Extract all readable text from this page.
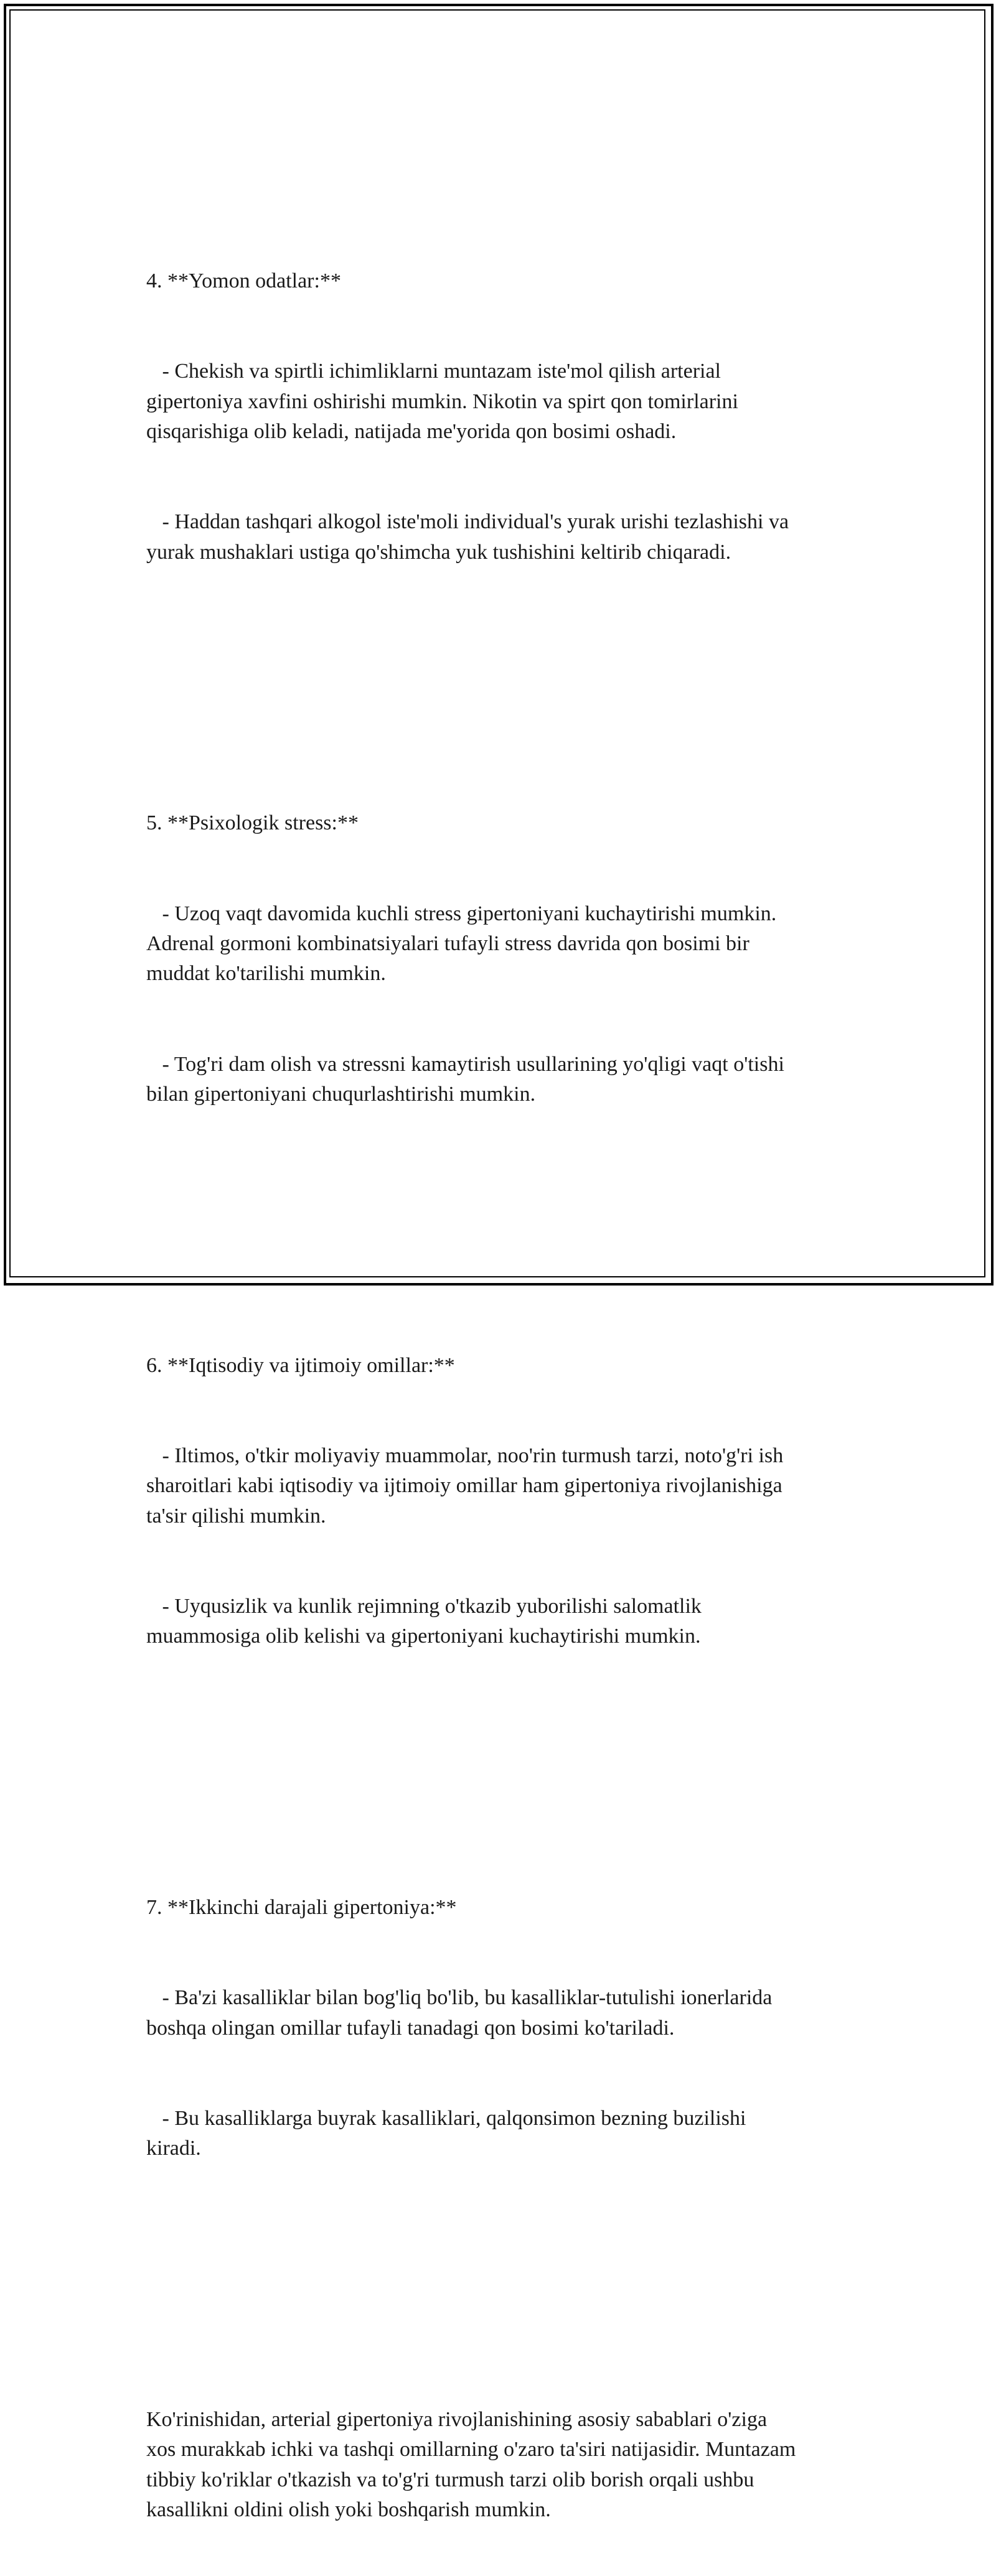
4. **Yomon odatlar:**

- Chekish va spirtli ichimliklarni muntazam iste'mol qilish arterial
gipertoniya xavfini oshirishi mumkin. Nikotin va spirt qon tomirlarini
qisqarishiga olib keladi, natijada me'yorida qon bosimi oshadi.

- Haddan tashqari alkogol iste'moli individual's yurak urishi tezlashishi va
yurak mushaklari ustiga qo'shimcha yuk tushishini keltirib chiqaradi.

5. **Psixologik stress:**

- Uzoq vaqt davomida kuchli stress gipertoniyani kuchaytirishi mumkin.
Adrenal gormoni kombinatsiyalari tufayli stress davrida qon bosimi bir
muddat ko'tarilishi mumkin.

- Tog'ri dam olish va stressni kamaytirish usullarining yo'qligi vaqt o'tishi
bilan gipertoniyani chuqurlashtirishi mumkin.

6. **Iqtisodiy va ijtimoiy omillar:**

- Iltimos, o'tkir moliyaviy muammolar, noo'rin turmush tarzi, noto'g'ri ish
sharoitlari kabi iqtisodiy va ijtimoiy omillar ham gipertoniya rivojlanishiga
ta'sir qilishi mumkin.

- Uyqusizlik va kunlik rejimning o'tkazib yuborilishi salomatlik
muammosiga olib kelishi va gipertoniyani kuchaytirishi mumkin.

7. **Ikkinchi darajali gipertoniya:**

- Ba'zi kasalliklar bilan bog'liq bo'lib, bu kasalliklar-tutulishi ionerlarida
boshqa olingan omillar tufayli tanadagi qon bosimi ko'tariladi.

- Bu kasalliklarga buyrak kasalliklari, qalqonsimon bezning buzilishi
kiradi.

Ko'rinishidan, arterial gipertoniya rivojlanishining asosiy sabablari o'ziga
xos murakkab ichki va tashqi omillarning o'zaro ta'siri natijasidir. Muntazam
tibbiy ko'riklar o'tkazish va to'g'ri turmush tarzi olib borish orqali ushbu
kasallikni oldini olish yoki boshqarish mumkin.
